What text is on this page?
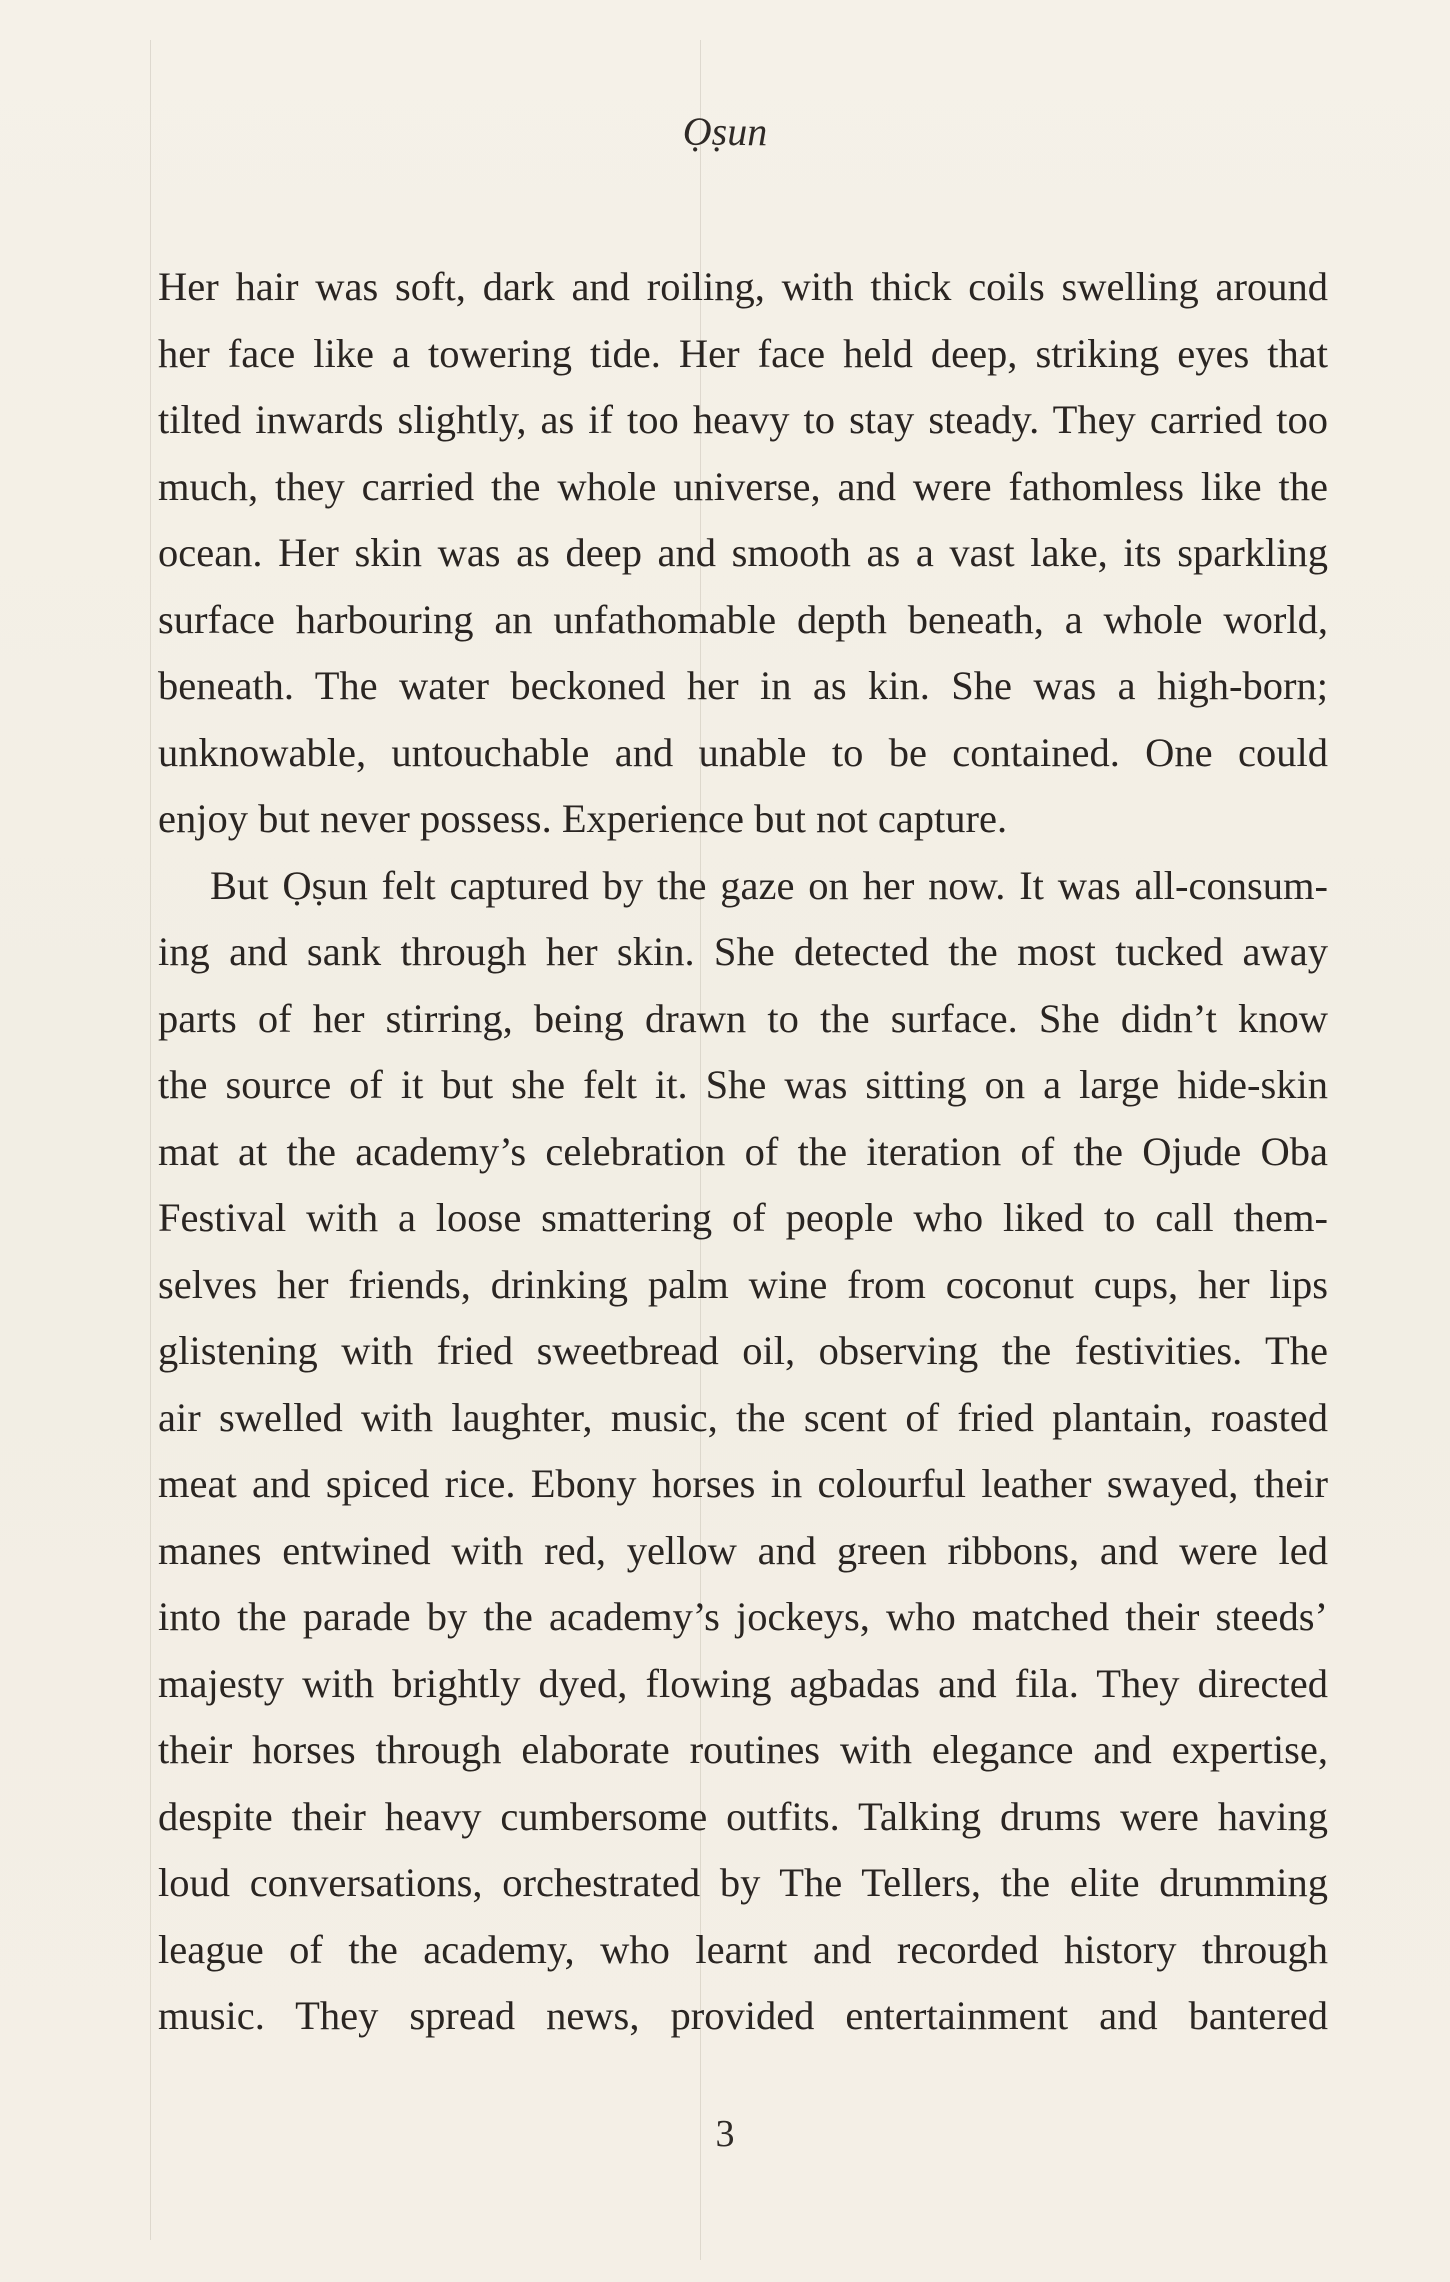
Ọṣun

Her hair was soft, dark and roiling, with thick coils swelling around

her face like a towering tide. Her face held deep, striking eyes that

tilted inwards slightly, as if too heavy to stay steady. They carried too

much, they carried the whole universe, and were fathomless like the

ocean. Her skin was as deep and smooth as a vast lake, its sparkling

surface harbouring an unfathomable depth beneath, a whole world,

beneath. The water beckoned her in as kin. She was a high-born;

unknowable, untouchable and unable to be contained. One could

enjoy but never possess. Experience but not capture.

But Ọṣun felt captured by the gaze on her now. It was all-consum-

ing and sank through her skin. She detected the most tucked away

parts of her stirring, being drawn to the surface. She didn’t know

the source of it but she felt it. She was sitting on a large hide-skin

mat at the academy’s celebration of the iteration of the Ojude Oba

Festival with a loose smattering of people who liked to call them-

selves her friends, drinking palm wine from coconut cups, her lips

glistening with fried sweetbread oil, observing the festivities. The

air swelled with laughter, music, the scent of fried plantain, roasted

meat and spiced rice. Ebony horses in colourful leather swayed, their

manes entwined with red, yellow and green ribbons, and were led

into the parade by the academy’s jockeys, who matched their steeds’

majesty with brightly dyed, flowing agbadas and fila. They directed

their horses through elaborate routines with elegance and expertise,

despite their heavy cumbersome outfits. Talking drums were having

loud conversations, orchestrated by The Tellers, the elite drumming

league of the academy, who learnt and recorded history through

music. They spread news, provided entertainment and bantered

3
